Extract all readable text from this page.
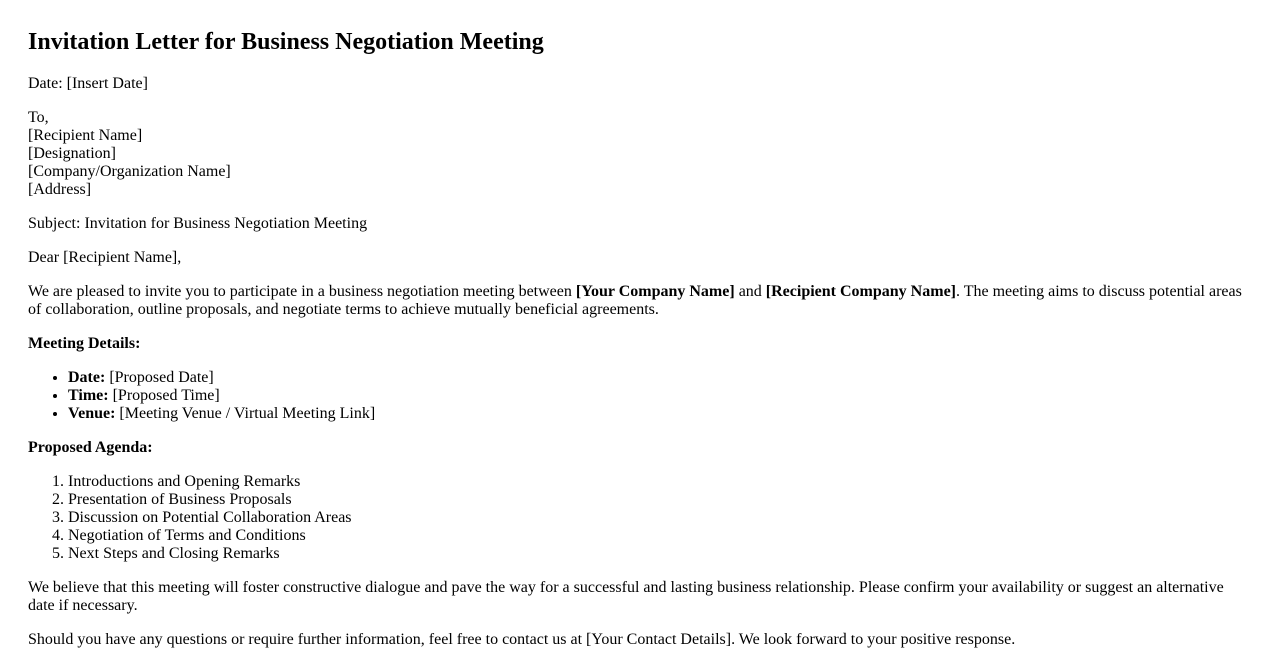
Invitation Letter for Business Negotiation Meeting

Date: [Insert Date]

To,
[Recipient Name]
[Designation]
[Company/Organization Name]
[Address]

Subject: Invitation for Business Negotiation Meeting

Dear [Recipient Name],

We are pleased to invite you to participate in a business negotiation meeting between [Your Company Name] and [Recipient Company Name]. The meeting aims to discuss potential areas of collaboration, outline proposals, and negotiate terms to achieve mutually beneficial agreements.

Meeting Details:

• Date: [Proposed Date]
• Time: [Proposed Time]
• Venue: [Meeting Venue / Virtual Meeting Link]

Proposed Agenda:

1. Introductions and Opening Remarks
2. Presentation of Business Proposals
3. Discussion on Potential Collaboration Areas
4. Negotiation of Terms and Conditions
5. Next Steps and Closing Remarks

We believe that this meeting will foster constructive dialogue and pave the way for a successful and lasting business relationship. Please confirm your availability or suggest an alternative date if necessary.

Should you have any questions or require further information, feel free to contact us at [Your Contact Details]. We look forward to your positive response.
